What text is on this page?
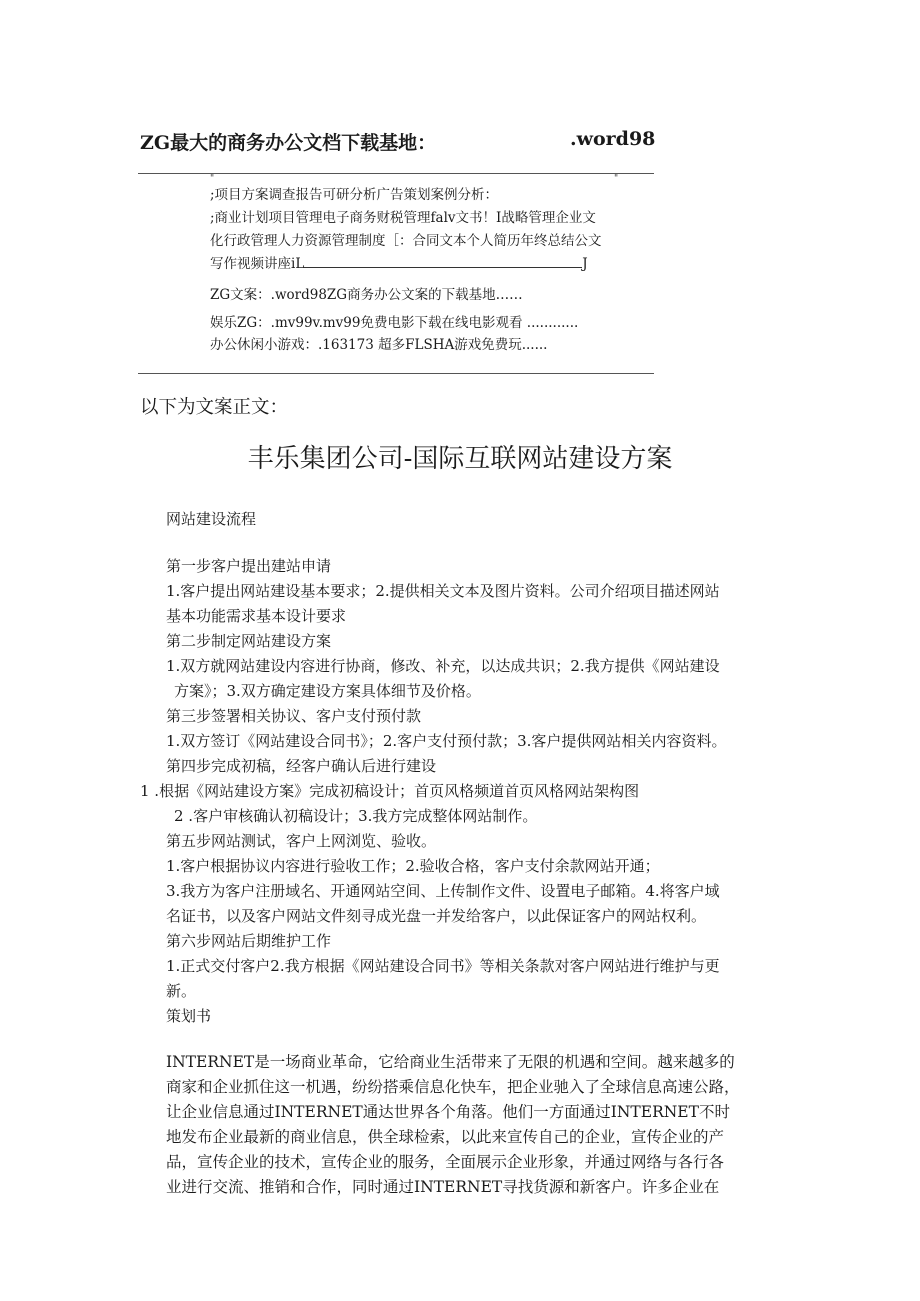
ZG最大的商务办公文档下载基地：	.word98
"	"
;项目方案调查报告可研分析广告策划案例分析：
;商业计划项目管理电子商务财税管理falv文书！I战略管理企业文
化行政管理人力资源管理制度［：合同文本个人简历年终总结公文
写作视频讲座iL	J
ZG文案：.word98ZG商务办公文案的下载基地……
娱乐ZG：.mv99v.mv99免费电影下载在线电影观看 ............
办公休闲小游戏：.163173 超多FLSHA游戏免费玩......
以下为文案正文：
丰乐集团公司-国际互联网站建设方案
网站建设流程
第一步客户提出建站申请
1.客户提出网站建设基本要求；2.提供相关文本及图片资料。公司介绍项目描述网站
基本功能需求基本设计要求
第二步制定网站建设方案
1.双方就网站建设内容进行协商，修改、补充，以达成共识；2.我方提供《网站建设
方案》；3.双方确定建设方案具体细节及价格。
第三步签署相关协议、客户支付预付款
1.双方签订《网站建设合同书》；2.客户支付预付款；3.客户提供网站相关内容资料。
第四步完成初稿，经客户确认后进行建设
1 .根据《网站建设方案》完成初稿设计；首页风格频道首页风格网站架构图
2 .客户审核确认初稿设计；3.我方完成整体网站制作。
第五步网站测试，客户上网浏览、验收。
1.客户根据协议内容进行验收工作；2.验收合格，客户支付余款网站开通；
3.我方为客户注册域名、开通网站空间、上传制作文件、设置电子邮箱。4.将客户域
名证书，以及客户网站文件刻寻成光盘一并发给客户，以此保证客户的网站权利。
第六步网站后期维护工作
1.正式交付客户2.我方根据《网站建设合同书》等相关条款对客户网站进行维护与更
新。
策划书
INTERNET是一场商业革命，它给商业生活带来了无限的机遇和空间。越来越多的
商家和企业抓住这一机遇，纷纷搭乘信息化快车，把企业驰入了全球信息高速公路，
让企业信息通过INTERNET通达世界各个角落。他们一方面通过INTERNET不时
地发布企业最新的商业信息，供全球检索，以此来宣传自己的企业，宣传企业的产
品，宣传企业的技术，宣传企业的服务，全面展示企业形象，并通过网络与各行各
业进行交流、推销和合作，同时通过INTERNET寻找货源和新客户。许多企业在
